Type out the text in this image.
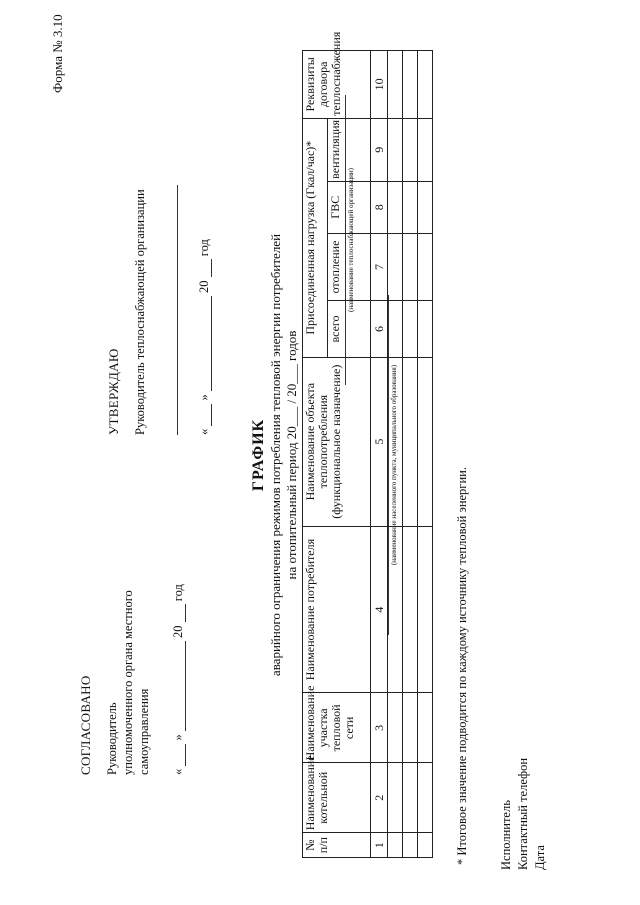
Форма № 3.10
СОГЛАСОВАНО Руководитель уполномоченного органа местного самоуправления «  »  20  год
УТВЕРЖДАЮ Руководитель теплоснабжающей организации	«  »  20  год
ГРАФИК аварийного ограничения режимов потребления тепловой энергии потребителей на отопительный период 20___ / 20___ годов
(наименование теплоснабжающей организации)
(наименование населенного пункта, муниципального образования)
№ п/п	Наименование котельной	Наименование участка тепловой сети	Наименование потребителя	Наименование объекта теплопотребления (функциональное назначение)	Присоединенная нагрузка (Гкал/час)*				Реквизиты договора теплоснабжения
					всего	отопление	ГВС	вентиляция	
1	2	3	4	5	6	7	8	9	10

* Итоговое значение подводится по каждому источнику тепловой энергии. Исполнитель Контактный телефон Дата
